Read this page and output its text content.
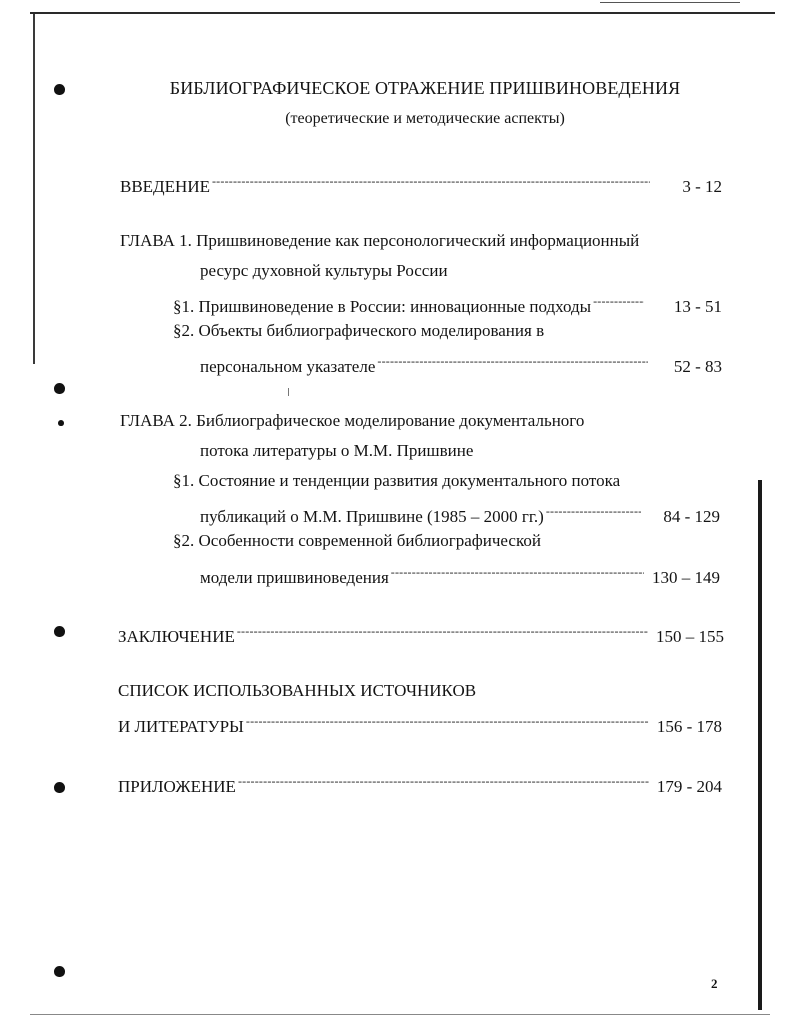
БИБЛИОГРАФИЧЕСКОЕ ОТРАЖЕНИЕ ПРИШВИНОВЕДЕНИЯ
(теоретические и методические аспекты)
ВВЕДЕНИЕ -----	3 - 12
ГЛАВА 1. Пришвиноведение как персонологический информационный
ресурс духовной культуры России
§1. Пришвиноведение в России: инновационные подходы -----	13 - 51
§2. Объекты библиографического моделирования в
персональном указателе -----	52 - 83
ГЛАВА 2. Библиографическое моделирование документального
потока литературы о М.М. Пришвине
§1. Состояние и тенденции развития документального потока
публикаций о М.М. Пришвине (1985 – 2000 гг.) -----	84 - 129
§2. Особенности современной библиографической
модели пришвиноведения -----	130 – 149
ЗАКЛЮЧЕНИЕ -----	150 – 155
СПИСОК ИСПОЛЬЗОВАННЫХ ИСТОЧНИКОВ
И ЛИТЕРАТУРЫ -----	156 - 178
ПРИЛОЖЕНИЕ -----	179 - 204
2
